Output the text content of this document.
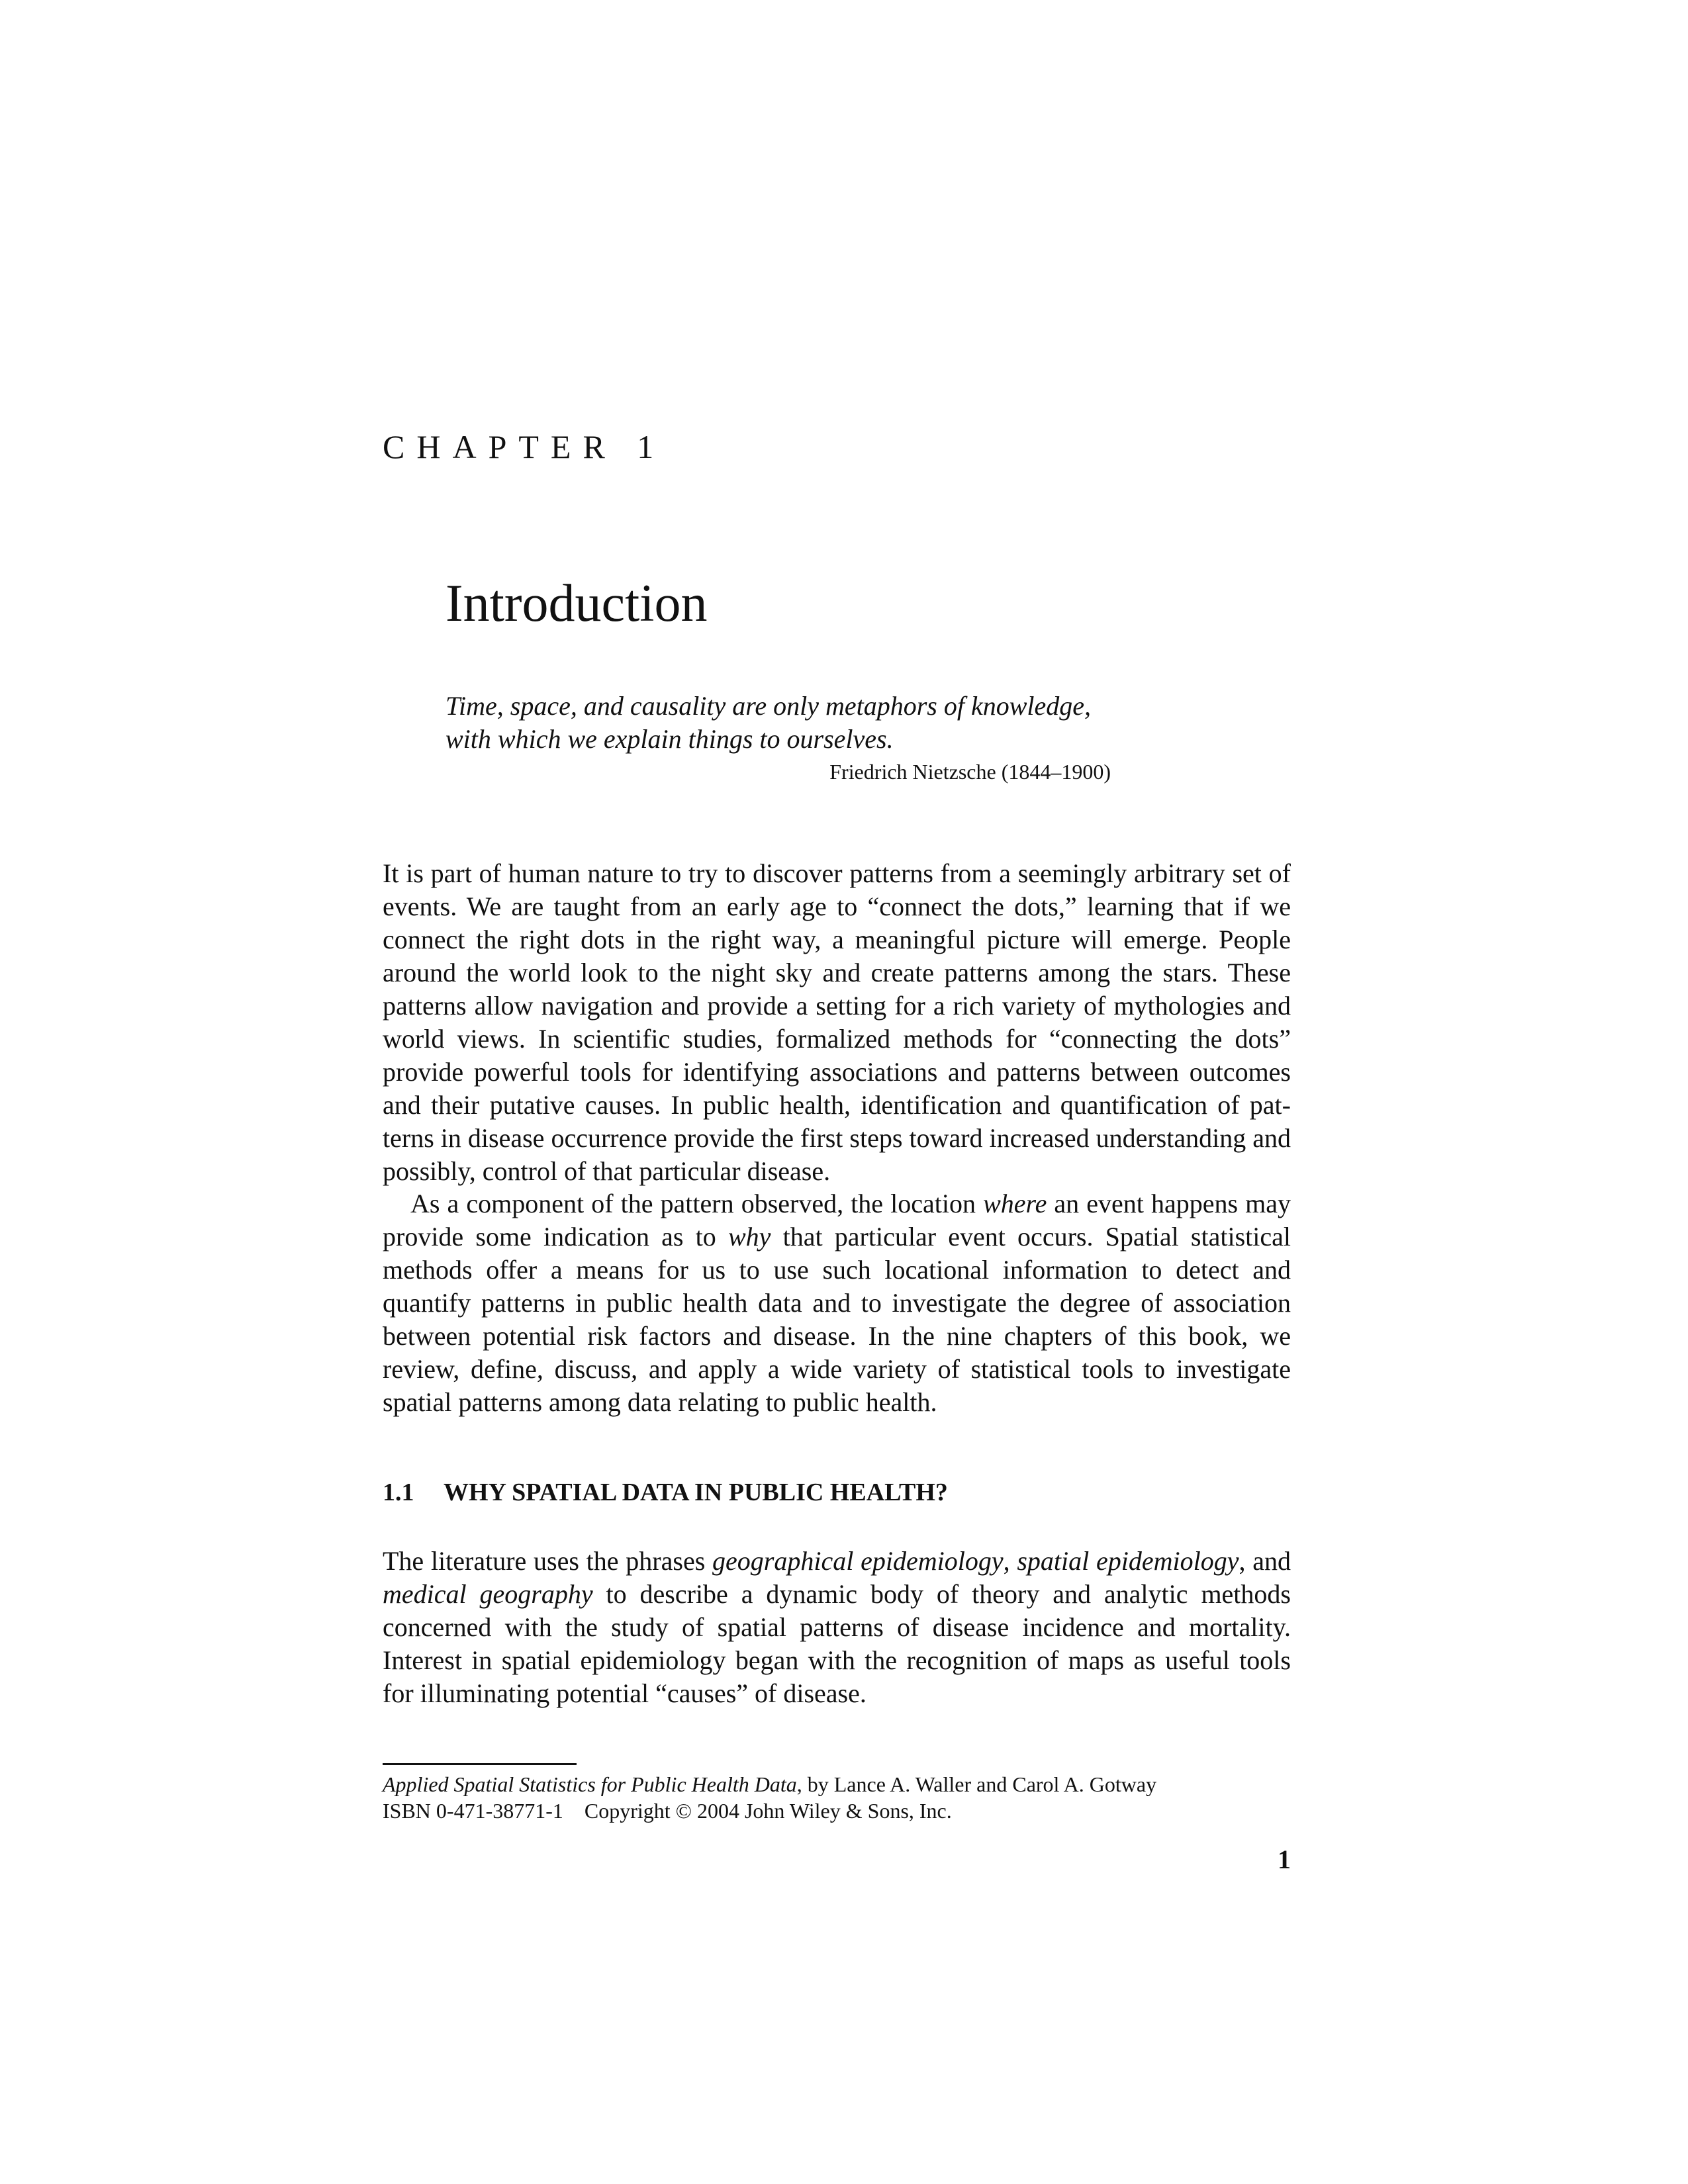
CHAPTER 1
Introduction
Time, space, and causality are only metaphors of knowledge,
with which we explain things to ourselves.
Friedrich Nietzsche (1844–1900)

It is part of human nature to try to discover patterns from a seemingly arbitrary set of events. We are taught from an early age to “connect the dots,” learning that if we connect the right dots in the right way, a meaningful picture will emerge. People around the world look to the night sky and create patterns among the stars. These patterns allow navigation and provide a setting for a rich variety of mythologies and world views. In scientific studies, formalized methods for “connecting the dots” provide powerful tools for identifying associations and patterns between outcomes and their putative causes. In public health, identification and quantification of patterns in disease occurrence provide the first steps toward increased understanding and possibly, control of that particular disease.

As a component of the pattern observed, the location where an event happens may provide some indication as to why that particular event occurs. Spatial statistical methods offer a means for us to use such locational information to detect and quantify patterns in public health data and to investigate the degree of association between potential risk factors and disease. In the nine chapters of this book, we review, define, discuss, and apply a wide variety of statistical tools to investigate spatial patterns among data relating to public health.

1.1 WHY SPATIAL DATA IN PUBLIC HEALTH?

The literature uses the phrases geographical epidemiology, spatial epidemiology, and medical geography to describe a dynamic body of theory and analytic methods concerned with the study of spatial patterns of disease incidence and mortality. Interest in spatial epidemiology began with the recognition of maps as useful tools for illuminating potential “causes” of disease.

Applied Spatial Statistics for Public Health Data, by Lance A. Waller and Carol A. Gotway
ISBN 0-471-38771-1 Copyright © 2004 John Wiley & Sons, Inc.
1
